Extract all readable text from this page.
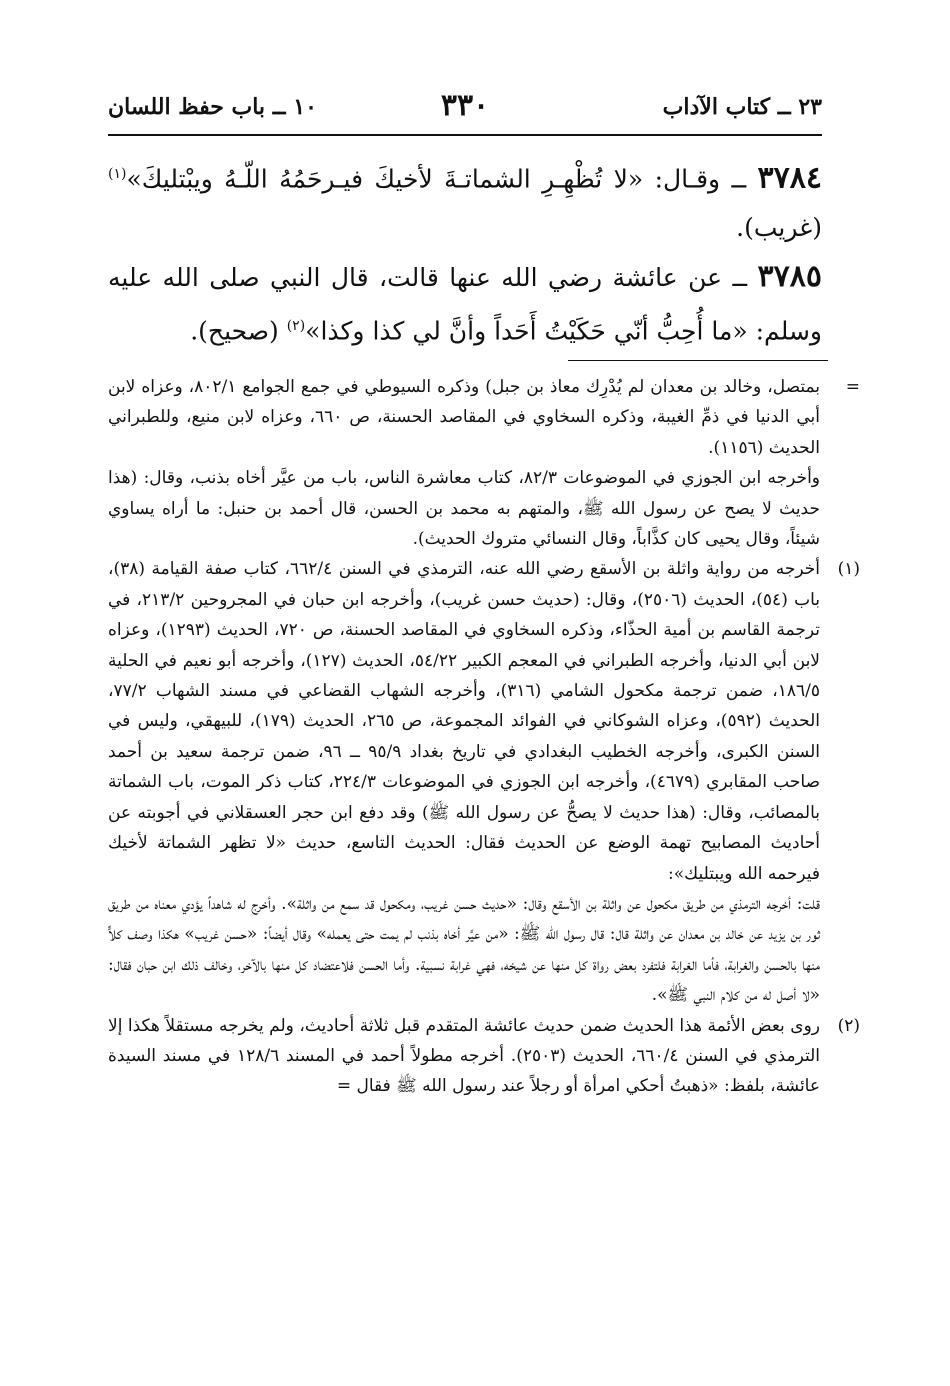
٢٣ ــ كتاب الآداب
٣٣٠
١٠ ــ باب حفظ اللسان

٣٧٨٤ ــ وقـال: «لا تُظْهِـرِ الشماتـةَ لأخيكَ فيـرحَمُهُ اللّـهُ ويبْتليكَ»$^{(١)}$ (غريب).

٣٧٨٥ ــ عن عائشة رضي الله عنها قالت، قال النبي صلى الله عليه وسلم: «ما أُحِبُّ أنّي حَكَيْتُ أَحَداً وأنَّ لي كذا وكذا»$^{(٢)}$ (صحيح).

=

بمتصل، وخالد بن معدان لم يُدْرِك معاذ بن جبل) وذكره السيوطي في جمع الجوامع ٨٠٢/١، وعزاه لابن أبي الدنيا في ذمِّ الغيبة، وذكره السخاوي في المقاصد الحسنة، ص ٦٦٠، وعزاه لابن منيع، وللطبراني الحديث (١١٥٦).

وأخرجه ابن الجوزي في الموضوعات ٨٢/٣، كتاب معاشرة الناس، باب من عيَّر أخاه بذنب، وقال: (هذا حديث لا يصح عن رسول الله ﷺ، والمتهم به محمد بن الحسن، قال أحمد بن حنبل: ما أراه يساوي شيئاً، وقال يحيى كان كذَّاباً، وقال النسائي متروك الحديث).

(١)

أخرجه من رواية واثلة بن الأسقع رضي الله عنه، الترمذي في السنن ٦٦٢/٤، كتاب صفة القيامة (٣٨)، باب (٥٤)، الحديث (٢٥٠٦)، وقال: (حديث حسن غريب)، وأخرجه ابن حبان في المجروحين ٢١٣/٢، في ترجمة القاسم بن أمية الحذّاء، وذكره السخاوي في المقاصد الحسنة، ص ٧٢٠، الحديث (١٢٩٣)، وعزاه لابن أبي الدنيا، وأخرجه الطبراني في المعجم الكبير ٥٤/٢٢، الحديث (١٢٧)، وأخرجه أبو نعيم في الحلية ١٨٦/٥، ضمن ترجمة مكحول الشامي (٣١٦)، وأخرجه الشهاب القضاعي في مسند الشهاب ٧٧/٢، الحديث (٥٩٢)، وعزاه الشوكاني في الفوائد المجموعة، ص ٢٦٥، الحديث (١٧٩)، للبيهقي، وليس في السنن الكبرى، وأخرجه الخطيب البغدادي في تاريخ بغداد ٩٥/٩ ــ ٩٦، ضمن ترجمة سعيد بن أحمد صاحب المقابري (٤٦٧٩)، وأخرجه ابن الجوزي في الموضوعات ٢٢٤/٣، كتاب ذكر الموت، باب الشماتة بالمصائب، وقال: (هذا حديث لا يصحُّ عن رسول الله ﷺ) وقد دفع ابن حجر العسقلاني في أجوبته عن أحاديث المصابيح تهمة الوضع عن الحديث فقال: الحديث التاسع، حديث «لا تظهر الشماتة لأخيك فيرحمه الله ويبتليك»:

قلت: أخرجه الترمذي من طريق مكحول عن واثلة بن الأسقع وقال: «حديث حسن غريب، ومكحول قد سمع من واثلة». وأخرج له شاهداً يؤدي معناه من طريق ثور بن يزيد عن خالد بن معدان عن واثلة قال: قال رسول الله ﷺ: «من عيَّر أخاه بذنب لم يمت حتى يعمله» وقال أيضاً: «حسن غريب» هكذا وصف كلاًّ منها بالحسن والغرابة، فأما الغرابة فلتفرد بعض رواة كل منها عن شيخه، فهي غرابة نسبية. وأما الحسن فلاعتضاد كل منها بالآخر، وخالف ذلك ابن حبان فقال: «لا أصل له من كلام النبي ﷺ».

(٢)

روى بعض الأئمة هذا الحديث ضمن حديث عائشة المتقدم قبل ثلاثة أحاديث، ولم يخرجه مستقلاً هكذا إلا الترمذي في السنن ٦٦٠/٤، الحديث (٢٥٠٣). أخرجه مطولاً أحمد في المسند ١٢٨/٦ في مسند السيدة عائشة، بلفظ: «ذهبتُ أحكي امرأة أو رجلاً عند رسول الله ﷺ فقال =
